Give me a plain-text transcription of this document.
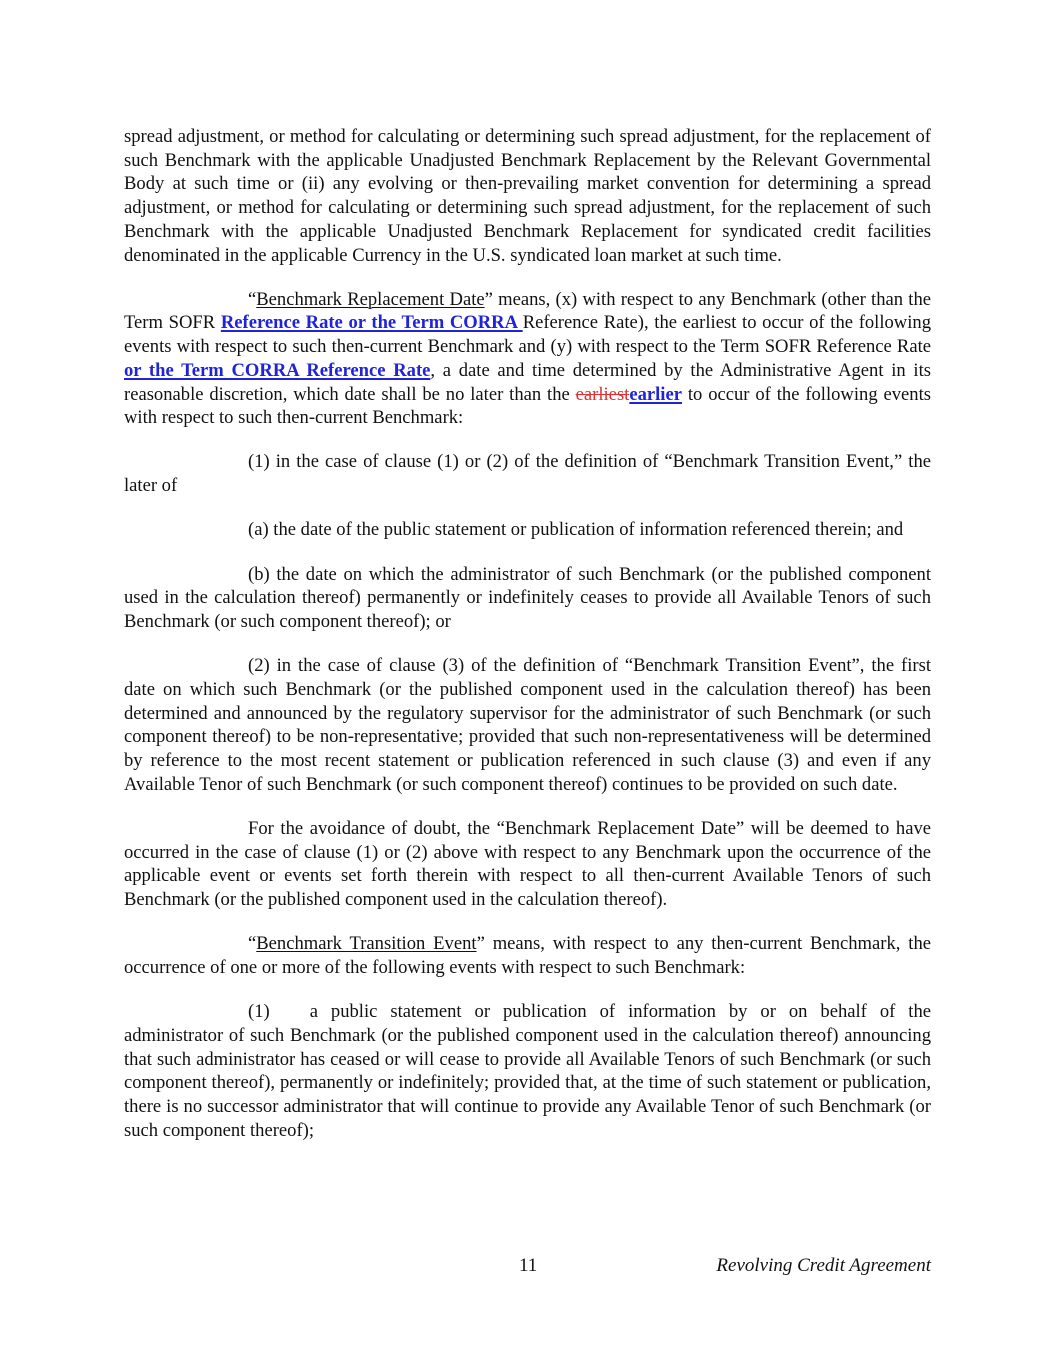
spread adjustment, or method for calculating or determining such spread adjustment, for the replacement of such Benchmark with the applicable Unadjusted Benchmark Replacement by the Relevant Governmental Body at such time or (ii) any evolving or then-prevailing market convention for determining a spread adjustment, or method for calculating or determining such spread adjustment, for the replacement of such Benchmark with the applicable Unadjusted Benchmark Replacement for syndicated credit facilities denominated in the applicable Currency in the U.S. syndicated loan market at such time.

“Benchmark Replacement Date” means, (x) with respect to any Benchmark (other than the Term SOFR Reference Rate or the Term CORRA Reference Rate), the earliest to occur of the following events with respect to such then-current Benchmark and (y) with respect to the Term SOFR Reference Rate or the Term CORRA Reference Rate, a date and time determined by the Administrative Agent in its reasonable discretion, which date shall be no later than the earliestearlier to occur of the following events with respect to such then-current Benchmark:

(1) in the case of clause (1) or (2) of the definition of “Benchmark Transition Event,” the later of

(a) the date of the public statement or publication of information referenced therein; and

(b) the date on which the administrator of such Benchmark (or the published component used in the calculation thereof) permanently or indefinitely ceases to provide all Available Tenors of such Benchmark (or such component thereof); or

(2) in the case of clause (3) of the definition of “Benchmark Transition Event”, the first date on which such Benchmark (or the published component used in the calculation thereof) has been determined and announced by the regulatory supervisor for the administrator of such Benchmark (or such component thereof) to be non-representative; provided that such non-representativeness will be determined by reference to the most recent statement or publication referenced in such clause (3) and even if any Available Tenor of such Benchmark (or such component thereof) continues to be provided on such date.

For the avoidance of doubt, the “Benchmark Replacement Date” will be deemed to have occurred in the case of clause (1) or (2) above with respect to any Benchmark upon the occurrence of the applicable event or events set forth therein with respect to all then-current Available Tenors of such Benchmark (or the published component used in the calculation thereof).

“Benchmark Transition Event” means, with respect to any then-current Benchmark, the occurrence of one or more of the following events with respect to such Benchmark:

(1) a public statement or publication of information by or on behalf of the administrator of such Benchmark (or the published component used in the calculation thereof) announcing that such administrator has ceased or will cease to provide all Available Tenors of such Benchmark (or such component thereof), permanently or indefinitely; provided that, at the time of such statement or publication, there is no successor administrator that will continue to provide any Available Tenor of such Benchmark (or such component thereof);

11	Revolving Credit Agreement
